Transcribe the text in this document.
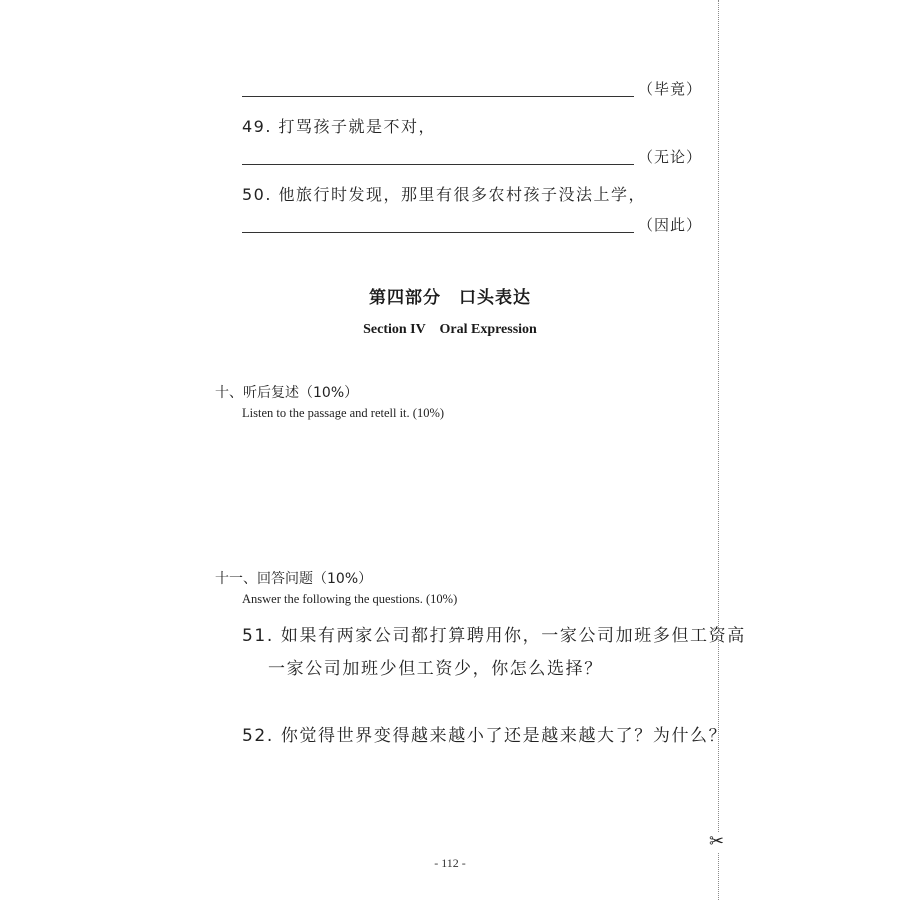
（毕竟）
49. 打骂孩子就是不对，
（无论）
50. 他旅行时发现，那里有很多农村孩子没法上学，
（因此）
第四部分　口头表达
Section IV　Oral Expression
十、听后复述（10%）
Listen to the passage and retell it. (10%)
十一、回答问题（10%）
Answer the following the questions. (10%)
51. 如果有两家公司都打算聘用你，一家公司加班多但工资高
一家公司加班少但工资少，你怎么选择？
52. 你觉得世界变得越来越小了还是越来越大了？为什么？
- 112 -
✂
